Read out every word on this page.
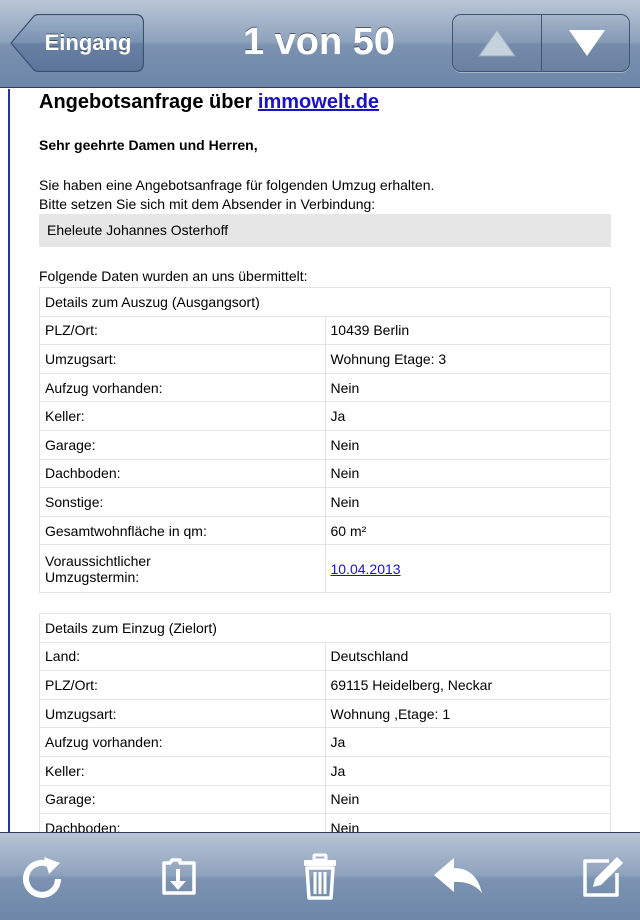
Eingang	1 von 50
Angebotsanfrage über immowelt.de
Sehr geehrte Damen und Herren,
Sie haben eine Angebotsanfrage für folgenden Umzug erhalten.
Bitte setzen Sie sich mit dem Absender in Verbindung:
Eheleute Johannes Osterhoff
Folgende Daten wurden an uns übermittelt:
Details zum Auszug (Ausgangsort)	
PLZ/Ort:	10439 Berlin
Umzugsart:	Wohnung Etage: 3
Aufzug vorhanden:	Nein
Keller:	Ja
Garage:	Nein
Dachboden:	Nein
Sonstige:	Nein
Gesamtwohnfläche in qm:	60 m²
Voraussichtlicher
Umzugstermin:	10.04.2013
Details zum Einzug (Zielort)	
Land:	Deutschland
PLZ/Ort:	69115 Heidelberg, Neckar
Umzugsart:	Wohnung ,Etage: 1
Aufzug vorhanden:	Ja
Keller:	Ja
Garage:	Nein
Dachboden:	Nein
